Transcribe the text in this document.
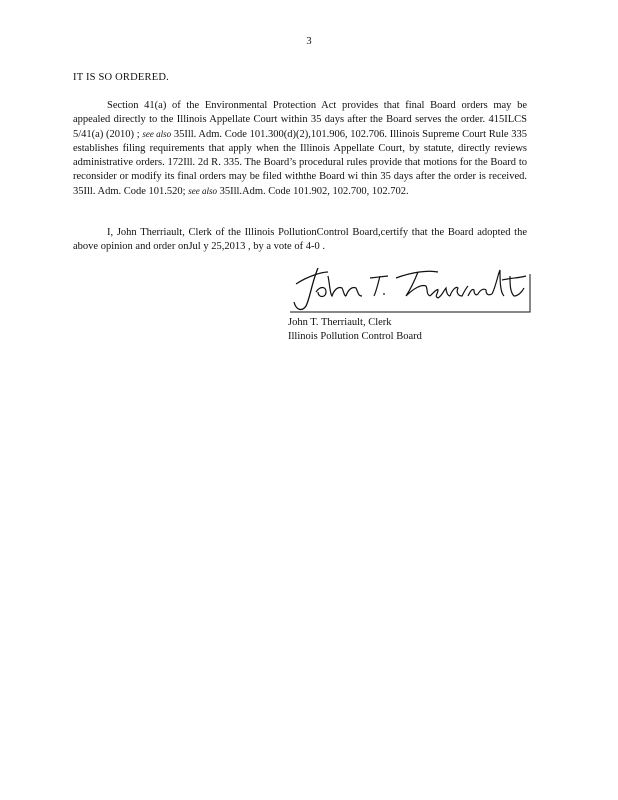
3
IT IS SO ORDERED.
Section 41(a) of the Environmental Protection Act provides that final Board orders may be appealed directly to the Illinois Appellate Court within 35 days after the Board serves the order. 415ILCS 5/41(a) (2010) ; see also 35Ill. Adm. Code 101.300(d)(2),101.906, 102.706. Illinois Supreme Court Rule 335 establishes filing requirements that apply when the Illinois Appellate Court, by statute, directly reviews administrative orders. 172Ill. 2d R. 335. The Board’s procedural rules provide that motions for the Board to reconsider or modify its final orders may be filed withthe Board wi thin 35 days after the order is received. 35Ill. Adm. Code 101.520; see also 35Ill.Adm. Code 101.902, 102.700, 102.702.
I, John Therriault, Clerk of the Illinois PollutionControl Board,certify that the Board adopted the above opinion and order onJul y 25,2013 , by a vote of 4-0 .
John T. Therriault, Clerk
Illinois Pollution Control Board
